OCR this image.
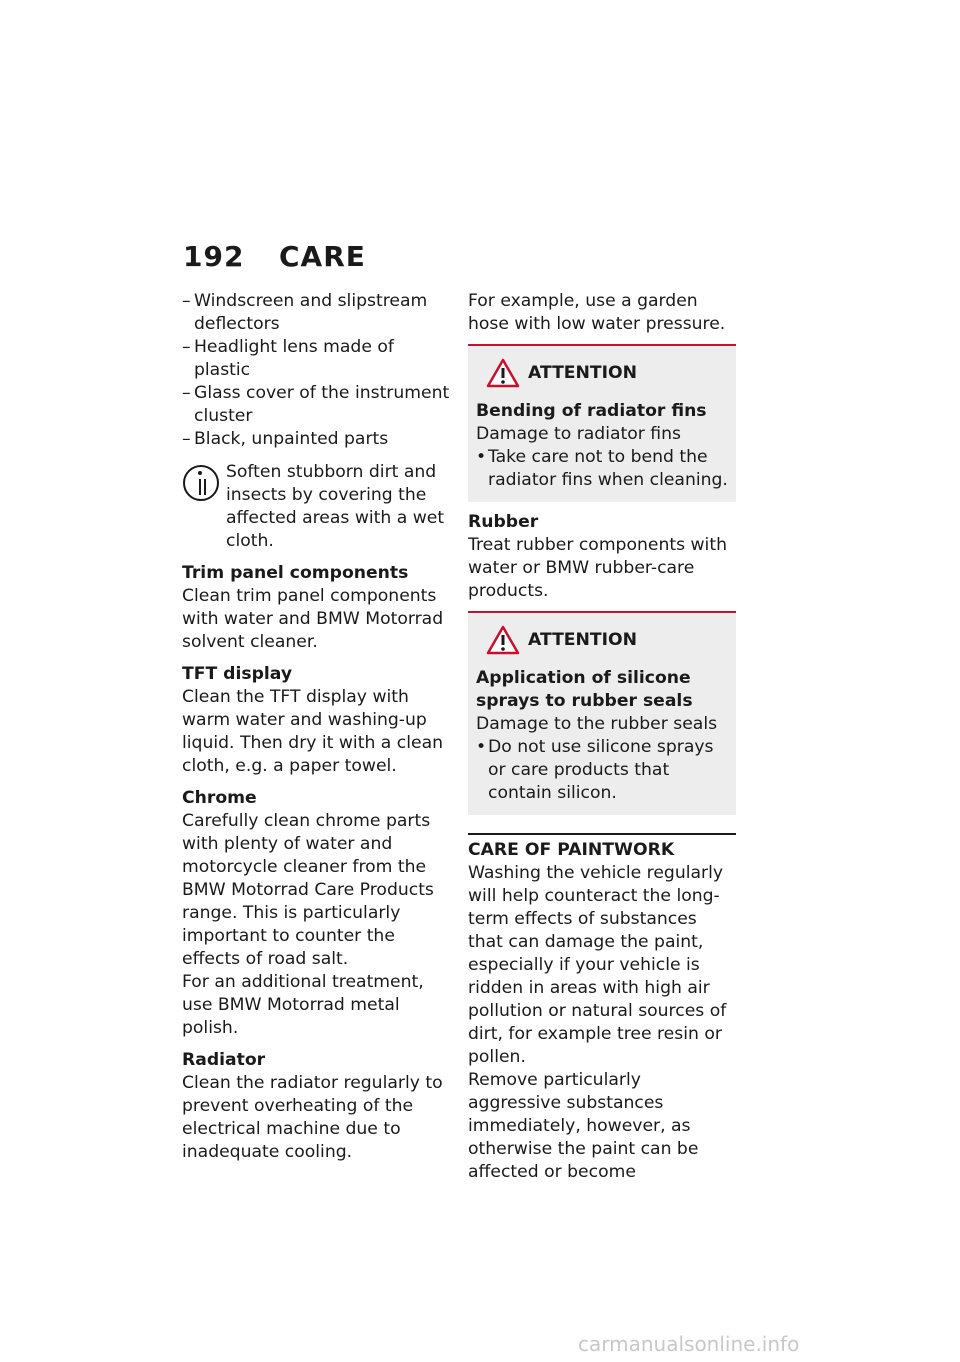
192 CARE

– Windscreen and slipstream deflectors

– Headlight lens made of plastic

– Glass cover of the instrument cluster

– Black, unpainted parts

Soften stubborn dirt and insects by covering the affected areas with a wet cloth.

Trim panel components

Clean trim panel components with water and BMW Motorrad solvent cleaner.

TFT display

Clean the TFT display with warm water and washing-up liquid. Then dry it with a clean cloth, e.g. a paper towel.

Chrome

Carefully clean chrome parts with plenty of water and motorcycle cleaner from the BMW Motorrad Care Products range. This is particularly important to counter the effects of road salt.

For an additional treatment, use BMW Motorrad metal polish.

Radiator

Clean the radiator regularly to prevent overheating of the electrical machine due to inadequate cooling.

For example, use a garden hose with low water pressure.

ATTENTION

Bending of radiator fins

Damage to radiator fins

• Take care not to bend the radiator fins when cleaning.

Rubber

Treat rubber components with water or BMW rubber-care products.

ATTENTION

Application of silicone sprays to rubber seals

Damage to the rubber seals

• Do not use silicone sprays or care products that contain silicon.

CARE OF PAINTWORK

Washing the vehicle regularly will help counteract the long-term effects of substances that can damage the paint, especially if your vehicle is ridden in areas with high air pollution or natural sources of dirt, for example tree resin or pollen.

Remove particularly aggressive substances immediately, however, as otherwise the paint can be affected or become

carmanualsonline.info
